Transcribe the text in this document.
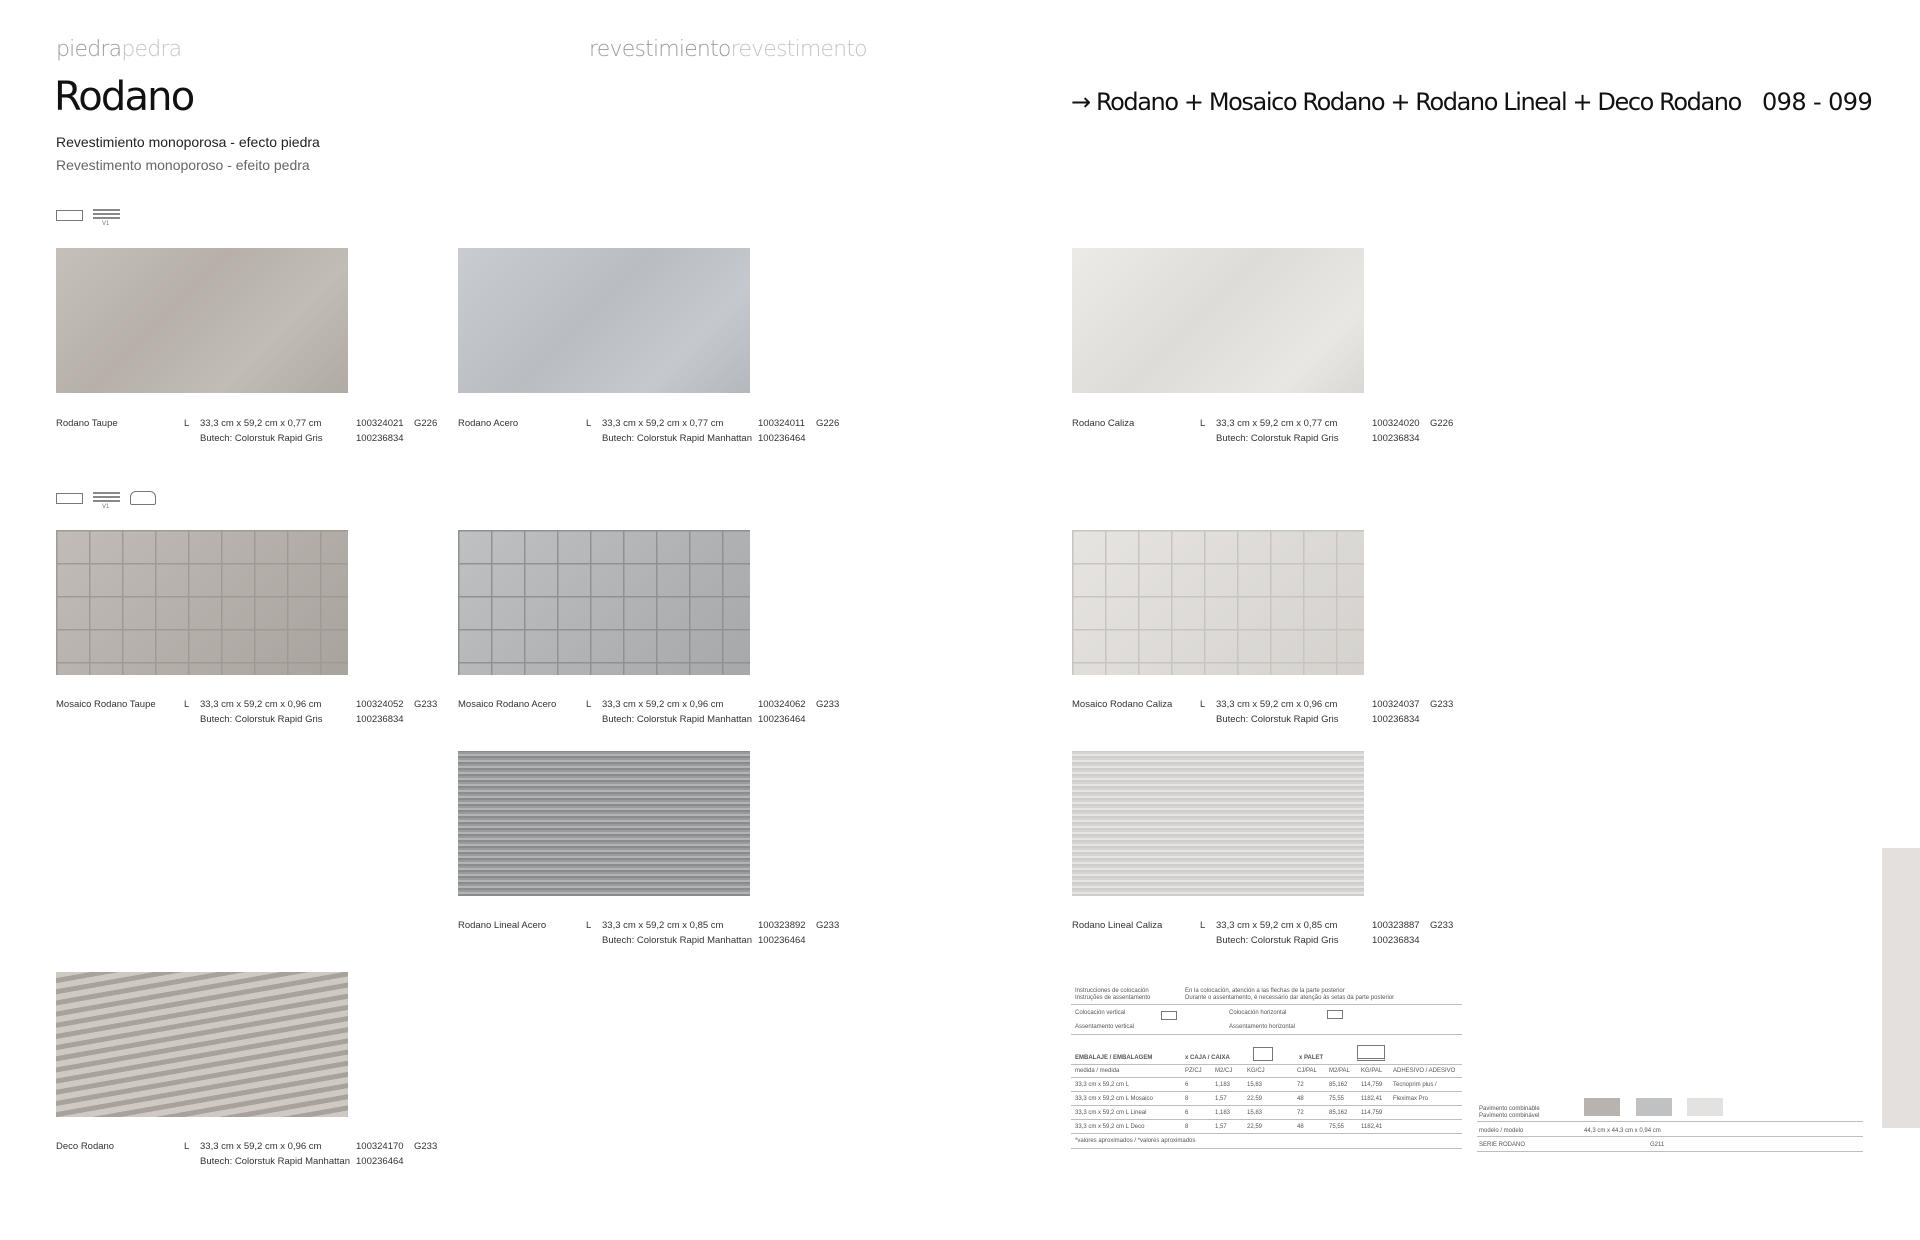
piedrapedra	revestimientorevestimento
Rodano
Revestimiento monoporosa - efecto piedra
Revestimento monoporoso - efeito pedra
→ Rodano + Mosaico Rodano + Rodano Lineal + Deco Rodano 098 - 099
V1
V1
Rodano Taupe	L 33,3 cm x 59,2 cm x 0,77 cm	100324021 G226
Butech: Colorstuk Rapid Gris	100236834
Rodano Acero	L 33,3 cm x 59,2 cm x 0,77 cm	100324011 G226
Butech: Colorstuk Rapid Manhattan 100236464
Rodano Caliza	L 33,3 cm x 59,2 cm x 0,77 cm	100324020 G226
Butech: Colorstuk Rapid Gris	100236834
Mosaico Rodano Taupe	L 33,3 cm x 59,2 cm x 0,96 cm	100324052 G233
Butech: Colorstuk Rapid Gris	100236834
Mosaico Rodano Acero	L 33,3 cm x 59,2 cm x 0,96 cm	100324062 G233
Butech: Colorstuk Rapid Manhattan 100236464
Mosaico Rodano Caliza	L 33,3 cm x 59,2 cm x 0,96 cm	100324037 G233
Butech: Colorstuk Rapid Gris	100236834
Rodano Lineal Acero	L 33,3 cm x 59,2 cm x 0,85 cm	100323892 G233
Butech: Colorstuk Rapid Manhattan 100236464
Rodano Lineal Caliza	L 33,3 cm x 59,2 cm x 0,85 cm	100323887 G233
Butech: Colorstuk Rapid Gris	100236834
Deco Rodano	L 33,3 cm x 59,2 cm x 0,96 cm	100324170 G233
Butech: Colorstuk Rapid Manhattan 100236464
Instrucciones de colocación	En la colocación, atención a las flechas de la parte posterior
Instruções de assentamento	Durante o assentamento, é necessário dar atenção às setas da parte posterior
Colocación vertical	Colocación horizontal
Assentamento vertical	Assentamento horizontal
EMBALAJE / EMBALAGEM	x CAJA / CAIXA	x PALET
medida / medida	PZ/CJ M2/CJ KG/CJ	CJ/PAL M2/PAL KG/PAL ADHESIVO / ADESIVO
33,3 cm x 59,2 cm L	6	1,183	15,83	72	85,162 114,759 Tecnoprim plus /
33,3 cm x 59,2 cm L Mosaico	8	1,57	22,59	48	75,55	1182,41 Fleximax Pro
33,3 cm x 59,2 cm L Lineal	6	1,183	15,83	72	85,162 114,759
33,3 cm x 59,2 cm L Deco	8	1,57	22,59	48	75,55	1182,41
*valores aproximados / *valores aproximados
Pavimento combinable
Pavimento combinável
modelo / modelo	44,3 cm x 44,3 cm x 0,94 cm
SERIE RODANO	G211
